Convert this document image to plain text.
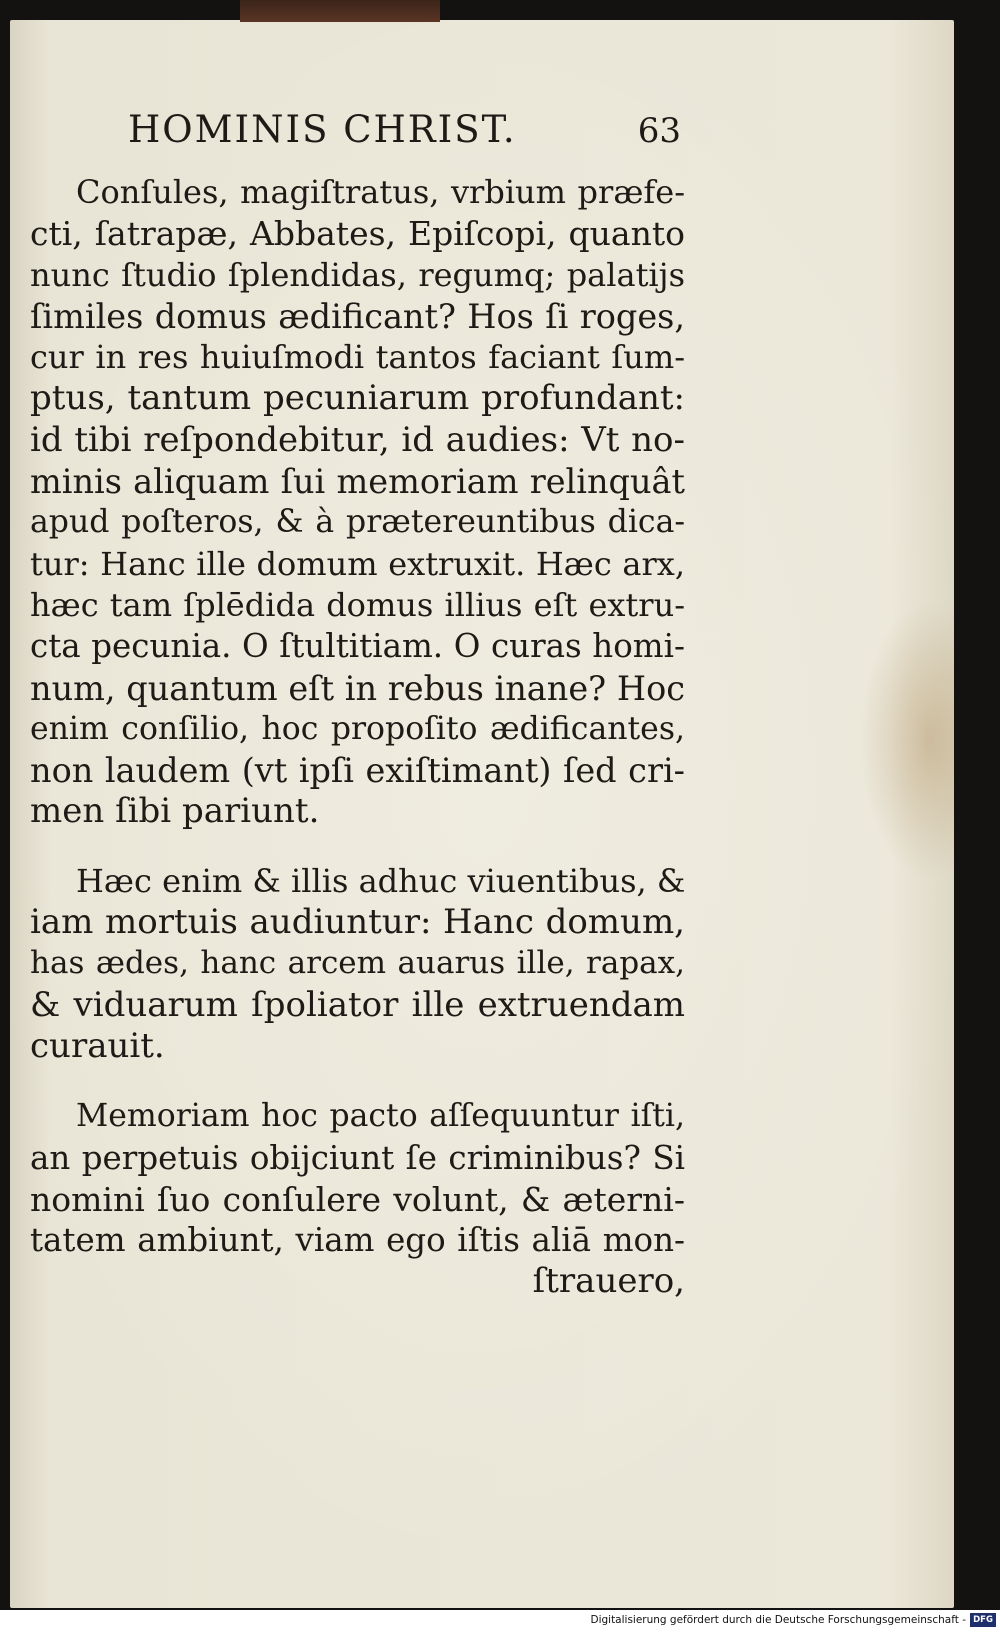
HOMINIS CHRIST.	63
Conſules, magiſtratus, vrbium præfe-
cti, ſatrapæ, Abbates, Epiſcopi, quanto
nunc ſtudio ſplendidas, regumq; palatijs
ſimiles domus ædificant? Hos ſi roges,
cur in res huiuſmodi tantos faciant ſum-
ptus, tantum pecuniarum profundant:
id tibi reſpondebitur, id audies: Vt no-
minis aliquam ſui memoriam relinquât
apud poſteros, & à prætereuntibus dica-
tur: Hanc ille domum extruxit. Hæc arx,
hæc tam ſplēdida domus illius eſt extru-
cta pecunia. O ſtultitiam. O curas homi-
num, quantum eſt in rebus inane? Hoc
enim conſilio, hoc propoſito ædificantes,
non laudem (vt ipſi exiſtimant) ſed cri-
men ſibi pariunt.
Hæc enim & illis adhuc viuentibus, &
iam mortuis audiuntur: Hanc domum,
has ædes, hanc arcem auarus ille, rapax,
& viduarum ſpoliator ille extruendam
curauit.
Memoriam hoc pacto aſſequuntur iſti,
an perpetuis obijciunt ſe criminibus? Si
nomini ſuo conſulere volunt, & æterni-
tatem ambiunt, viam ego iſtis aliā mon-
ſtrauero,
Digitalisierung gefördert durch die Deutsche Forschungsgemeinschaft - DFG
